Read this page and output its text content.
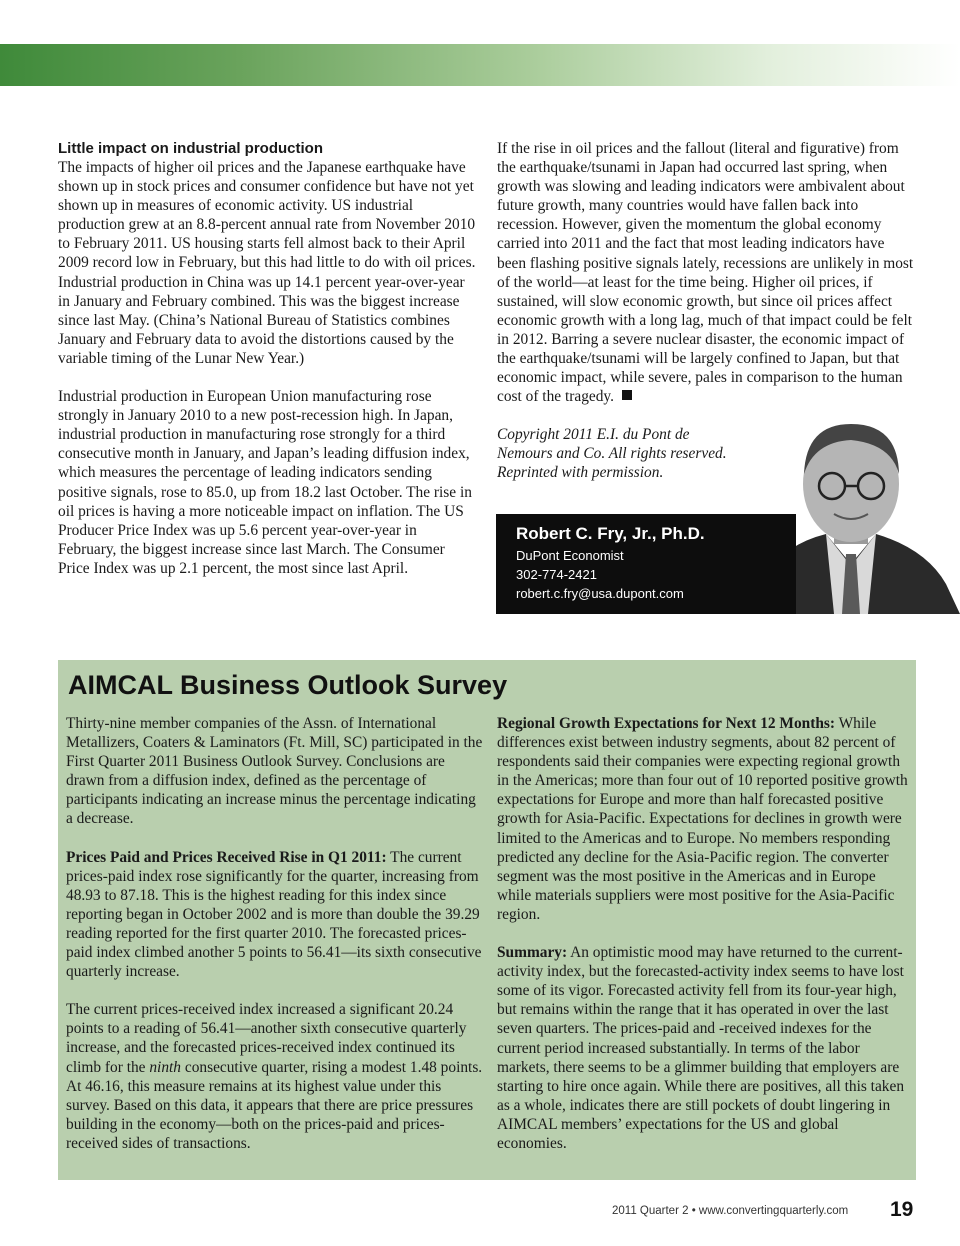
Little impact on industrial production

The impacts of higher oil prices and the Japanese earthquake have shown up in stock prices and consumer confidence but have not yet shown up in measures of economic activity. US industrial production grew at an 8.8-percent annual rate from November 2010 to February 2011. US housing starts fell almost back to their April 2009 record low in February, but this had little to do with oil prices. Industrial production in China was up 14.1 percent year-over-year in January and February combined. This was the biggest increase since last May. (China’s National Bureau of Statistics combines January and February data to avoid the distortions caused by the variable timing of the Lunar New Year.)

Industrial production in European Union manufacturing rose strongly in January 2010 to a new post-recession high. In Japan, industrial production in manufacturing rose strongly for a third consecutive month in January, and Japan’s leading diffusion index, which measures the percentage of leading indicators sending positive signals, rose to 85.0, up from 18.2 last October. The rise in oil prices is having a more noticeable impact on inflation. The US Producer Price Index was up 5.6 percent year-over-year in February, the biggest increase since last March. The Consumer Price Index was up 2.1 percent, the most since last April.

If the rise in oil prices and the fallout (literal and figurative) from the earthquake/tsunami in Japan had occurred last spring, when growth was slowing and leading indicators were ambivalent about future growth, many countries would have fallen back into recession. However, given the momentum the global economy carried into 2011 and the fact that most leading indicators have been flashing positive signals lately, recessions are unlikely in most of the world—at least for the time being. Higher oil prices, if sustained, will slow economic growth, but since oil prices affect economic growth with a long lag, much of that impact could be felt in 2012. Barring a severe nuclear disaster, the economic impact of the earthquake/tsunami will be largely confined to Japan, but that economic impact, while severe, pales in comparison to the human cost of the tragedy.

Copyright 2011 E.I. du Pont de
Nemours and Co. All rights reserved.
Reprinted with permission.
Robert C. Fry, Jr., Ph.D.
DuPont Economist
302-774-2421
robert.c.fry@usa.dupont.com
AIMCAL Business Outlook Survey

Thirty-nine member companies of the Assn. of International Metallizers, Coaters & Laminators (Ft. Mill, SC) participated in the First Quarter 2011 Business Outlook Survey. Conclusions are drawn from a diffusion index, defined as the percentage of participants indicating an increase minus the percentage indicating a decrease.

Prices Paid and Prices Received Rise in Q1 2011: The current prices-paid index rose significantly for the quarter, increasing from 48.93 to 87.18. This is the highest reading for this index since reporting began in October 2002 and is more than double the 39.29 reading reported for the first quarter 2010. The forecasted prices-paid index climbed another 5 points to 56.41—its sixth consecutive quarterly increase.

The current prices-received index increased a significant 20.24 points to a reading of 56.41—another sixth consecutive quarterly increase, and the forecasted prices-received index continued its climb for the ninth consecutive quarter, rising a modest 1.48 points. At 46.16, this measure remains at its highest value under this survey. Based on this data, it appears that there are price pressures building in the economy—both on the prices-paid and prices-received sides of transactions.

Regional Growth Expectations for Next 12 Months: While differences exist between industry segments, about 82 percent of respondents said their companies were expecting regional growth in the Americas; more than four out of 10 reported positive growth expectations for Europe and more than half forecasted positive growth for Asia-Pacific. Expectations for declines in growth were limited to the Americas and to Europe. No members responding predicted any decline for the Asia-Pacific region. The converter segment was the most positive in the Americas and in Europe while materials suppliers were most positive for the Asia-Pacific region.

Summary: An optimistic mood may have returned to the current-activity index, but the forecasted-activity index seems to have lost some of its vigor. Forecasted activity fell from its four-year high, but remains within the range that it has operated in over the last seven quarters. The prices-paid and -received indexes for the current period increased substantially. In terms of the labor markets, there seems to be a glimmer building that employers are starting to hire once again. While there are positives, all this taken as a whole, indicates there are still pockets of doubt lingering in AIMCAL members’ expectations for the US and global economies.

2011 Quarter 2 • www.convertingquarterly.com 19
